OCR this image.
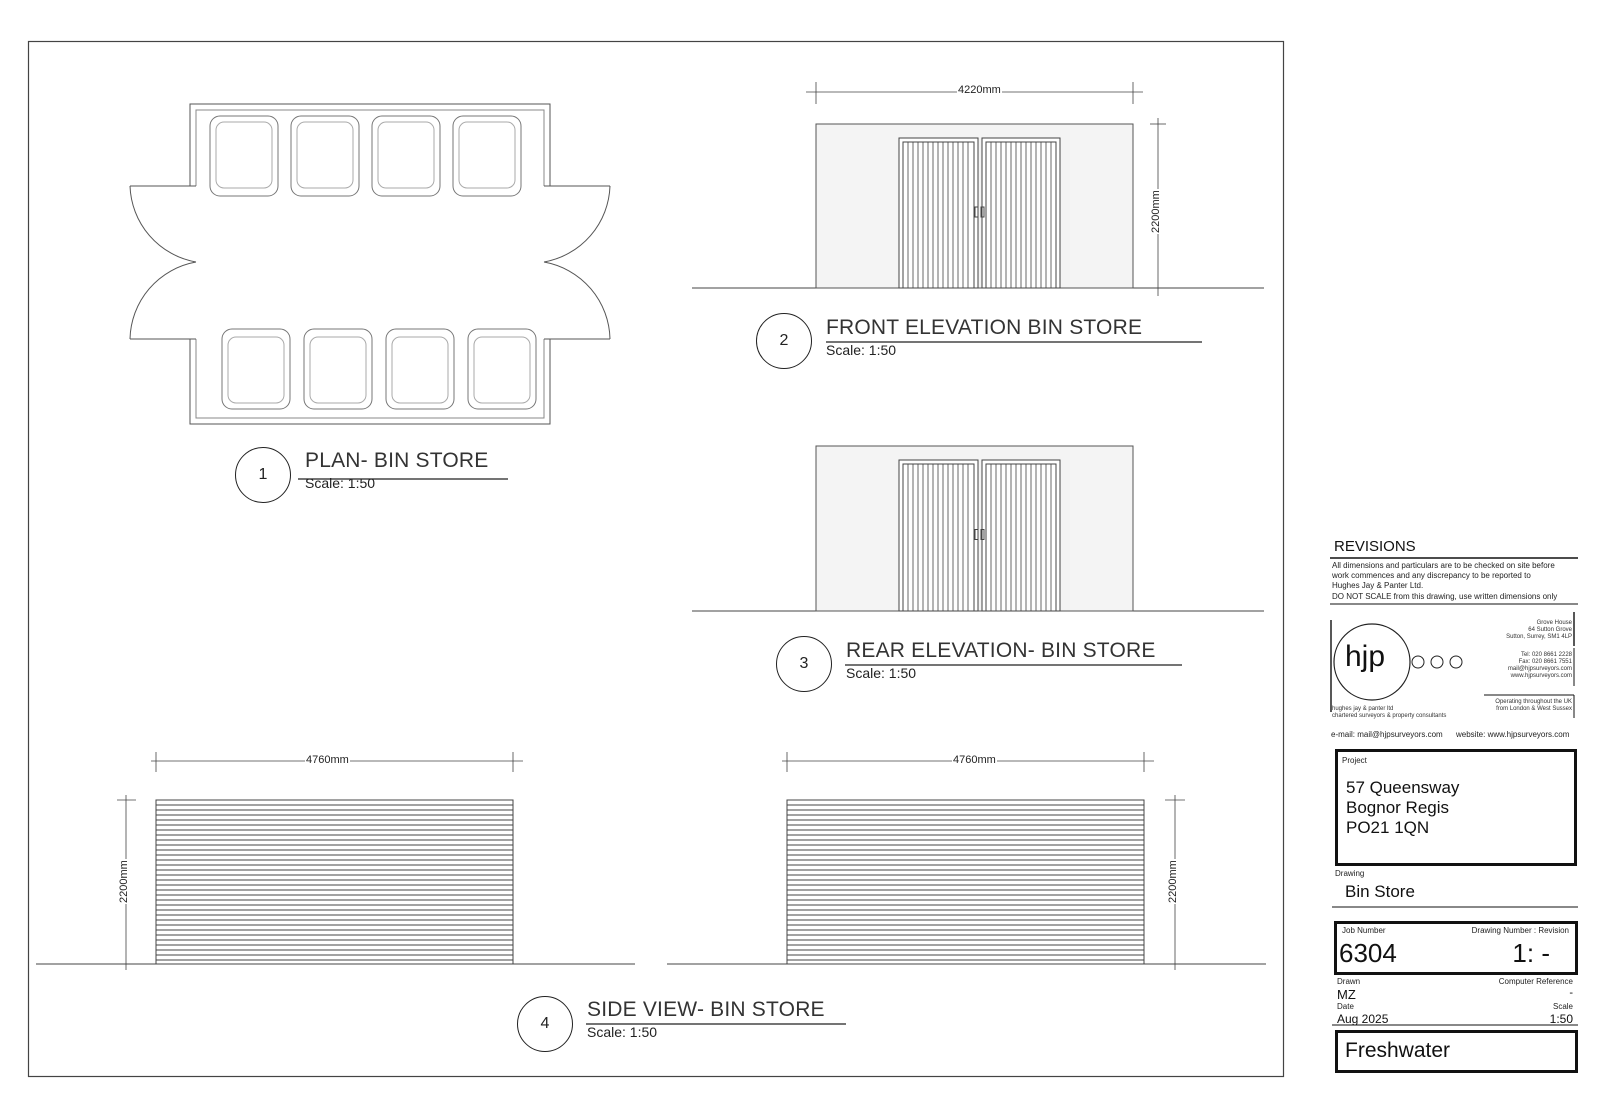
1
PLAN- BIN STORE
Scale: 1:50
2
FRONT ELEVATION BIN STORE
Scale: 1:50
4220mm
2200mm
3
REAR ELEVATION- BIN STORE
Scale: 1:50
4
SIDE VIEW- BIN STORE
Scale: 1:50
4760mm
2200mm
4760mm
2200mm
REVISIONS
All dimensions and particulars are to be checked on site before
work commences and any discrepancy to be reported to
Hughes Jay & Panter Ltd.
DO NOT SCALE from this drawing, use written dimensions only
hjp
hughes jay & panter ltd
chartered surveyors & property consultants
Grove House
64 Sutton Grove
Sutton, Surrey, SM1 4LP
Tel: 020 8661 2228
Fax: 020 8661 7551
mail@hjpsurveyors.com
www.hjpsurveyors.com
Operating throughout the UK
from London & West Sussex
e-mail: mail@hjpsurveyors.com website: www.hjpsurveyors.com
Project
57 Queensway
Bognor Regis
PO21 1QN
Drawing
Bin Store
Job Number
6304
Drawing Number : Revision
1: -
Drawn
MZ
Computer Reference
-
Date
Aug 2025
Scale
1:50
Freshwater
